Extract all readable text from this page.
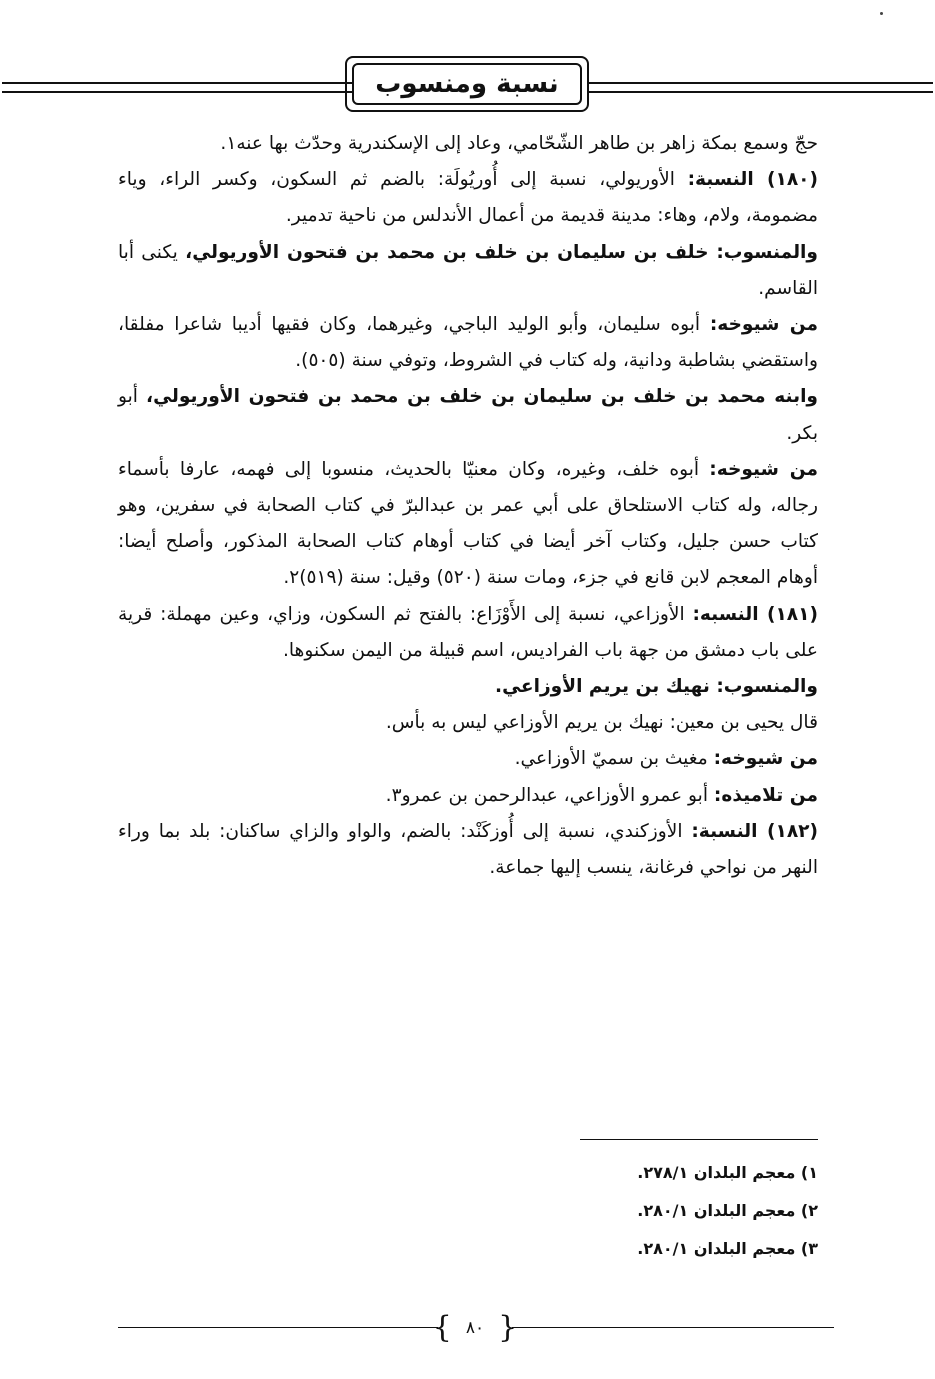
نسبة ومنسوب

حجّ وسمع بمكة زاهر بن طاهر الشّحّامي، وعاد إلى الإسكندرية وحدّث بها عنه١.

(١٨٠) النسبة: الأوريولي، نسبة إلى أُوريُولَة: بالضم ثم السكون، وكسر الراء، وياء مضمومة، ولام، وهاء: مدينة قديمة من أعمال الأندلس من ناحية تدمير.

والمنسوب: خلف بن سليمان بن خلف بن محمد بن فتحون الأوريولي، يكنى أبا القاسم.

من شيوخه: أبوه سليمان، وأبو الوليد الباجي، وغيرهما، وكان فقيها أديبا شاعرا مفلقا، واستقضي بشاطبة ودانية، وله كتاب في الشروط، وتوفي سنة (٥٠٥).

وابنه محمد بن خلف بن سليمان بن خلف بن محمد بن فتحون الأوريولي، أبو بكر.

من شيوخه: أبوه خلف، وغيره، وكان معنيّا بالحديث، منسوبا إلى فهمه، عارفا بأسماء رجاله، وله كتاب الاستلحاق على أبي عمر بن عبدالبرّ في كتاب الصحابة في سفرين، وهو كتاب حسن جليل، وكتاب آخر أيضا في كتاب أوهام كتاب الصحابة المذكور، وأصلح أيضا: أوهام المعجم لابن قانع في جزء، ومات سنة (٥٢٠) وقيل: سنة (٥١٩)٢.

(١٨١) النسبه: الأوزاعي، نسبة إلى الأَوْزَاع: بالفتح ثم السكون، وزاي، وعين مهملة: قرية على باب دمشق من جهة باب الفراديس، اسم قبيلة من اليمن سكنوها.

والمنسوب: نهيك بن يريم الأوزاعي.

قال يحيى بن معين: نهيك بن يريم الأوزاعي ليس به بأس.

من شيوخه: مغيث بن سميّ الأوزاعي.

من تلاميذه: أبو عمرو الأوزاعي، عبدالرحمن بن عمرو٣.

(١٨٢) النسبة: الأوزكندي، نسبة إلى أُوزكَنْد: بالضم، والواو والزاي ساكنان: بلد بما وراء النهر من نواحي فرغانة، ينسب إليها جماعة.

١) معجم البلدان ٢٧٨/١.
٢) معجم البلدان ٢٨٠/١.
٣) معجم البلدان ٢٨٠/١.
{ ٨٠ }
